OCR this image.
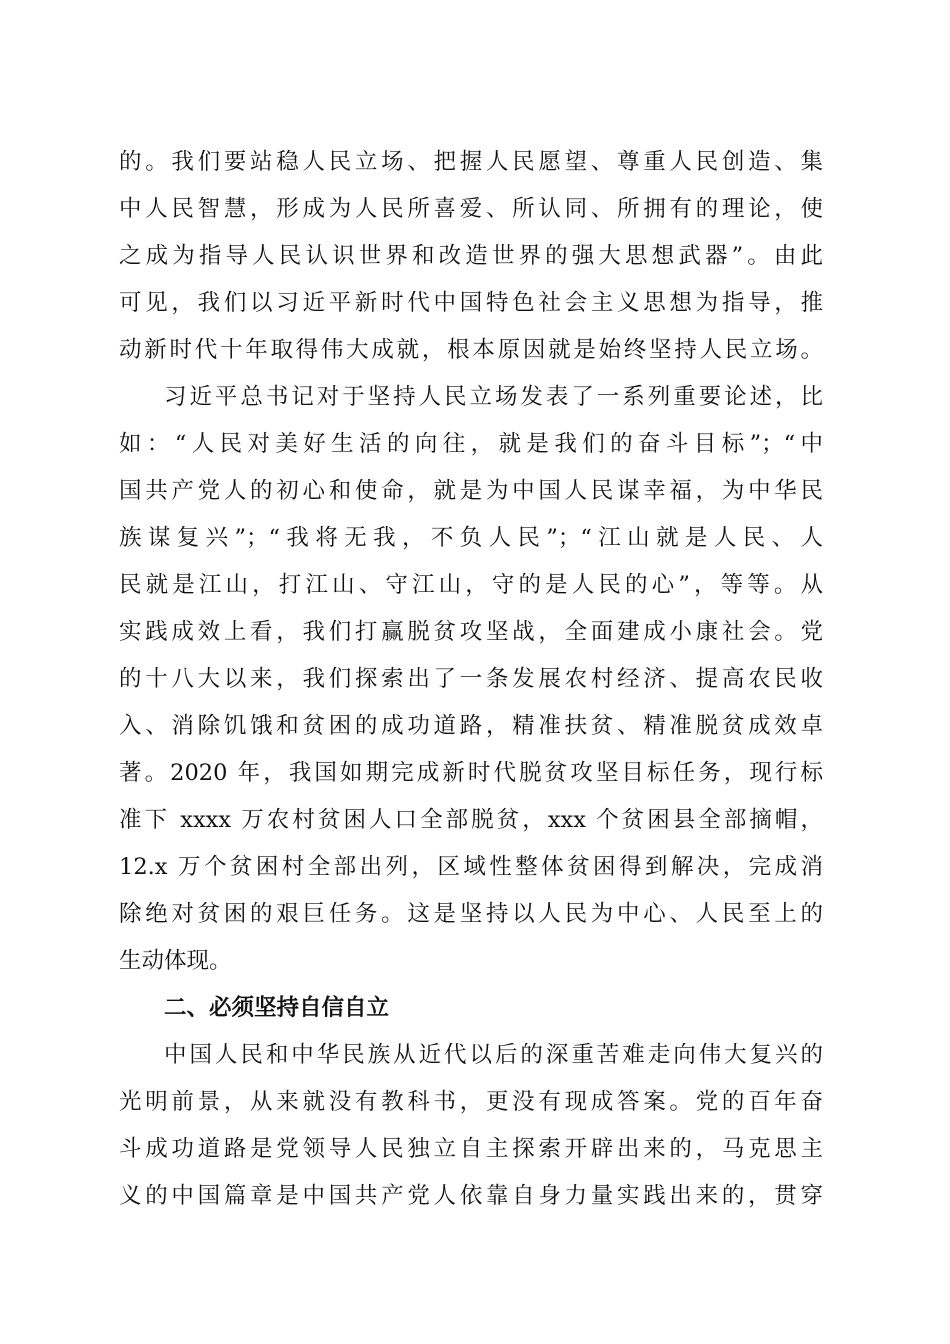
的。我们要站稳人民立场、把握人民愿望、尊重人民创造、集
中人民智慧，形成为人民所喜爱、所认同、所拥有的理论，使
之成为指导人民认识世界和改造世界的强大思想武器”。由此
可见，我们以习近平新时代中国特色社会主义思想为指导，推
动新时代十年取得伟大成就，根本原因就是始终坚持人民立场。
习近平总书记对于坚持人民立场发表了一系列重要论述，比
如：“人民对美好生活的向往，就是我们的奋斗目标”；“中
国共产党人的初心和使命，就是为中国人民谋幸福，为中华民
族谋复兴”；“我将无我，不负人民”；“江山就是人民、人
民就是江山，打江山、守江山，守的是人民的心”，等等。从
实践成效上看，我们打赢脱贫攻坚战，全面建成小康社会。党
的十八大以来，我们探索出了一条发展农村经济、提高农民收
入、消除饥饿和贫困的成功道路，精准扶贫、精准脱贫成效卓
著。2020 年，我国如期完成新时代脱贫攻坚目标任务，现行标
准下 xxxx 万农村贫困人口全部脱贫，xxx 个贫困县全部摘帽，
12.x 万个贫困村全部出列，区域性整体贫困得到解决，完成消
除绝对贫困的艰巨任务。这是坚持以人民为中心、人民至上的
生动体现。
二、必须坚持自信自立
中国人民和中华民族从近代以后的深重苦难走向伟大复兴的
光明前景，从来就没有教科书，更没有现成答案。党的百年奋
斗成功道路是党领导人民独立自主探索开辟出来的，马克思主
义的中国篇章是中国共产党人依靠自身力量实践出来的，贯穿
